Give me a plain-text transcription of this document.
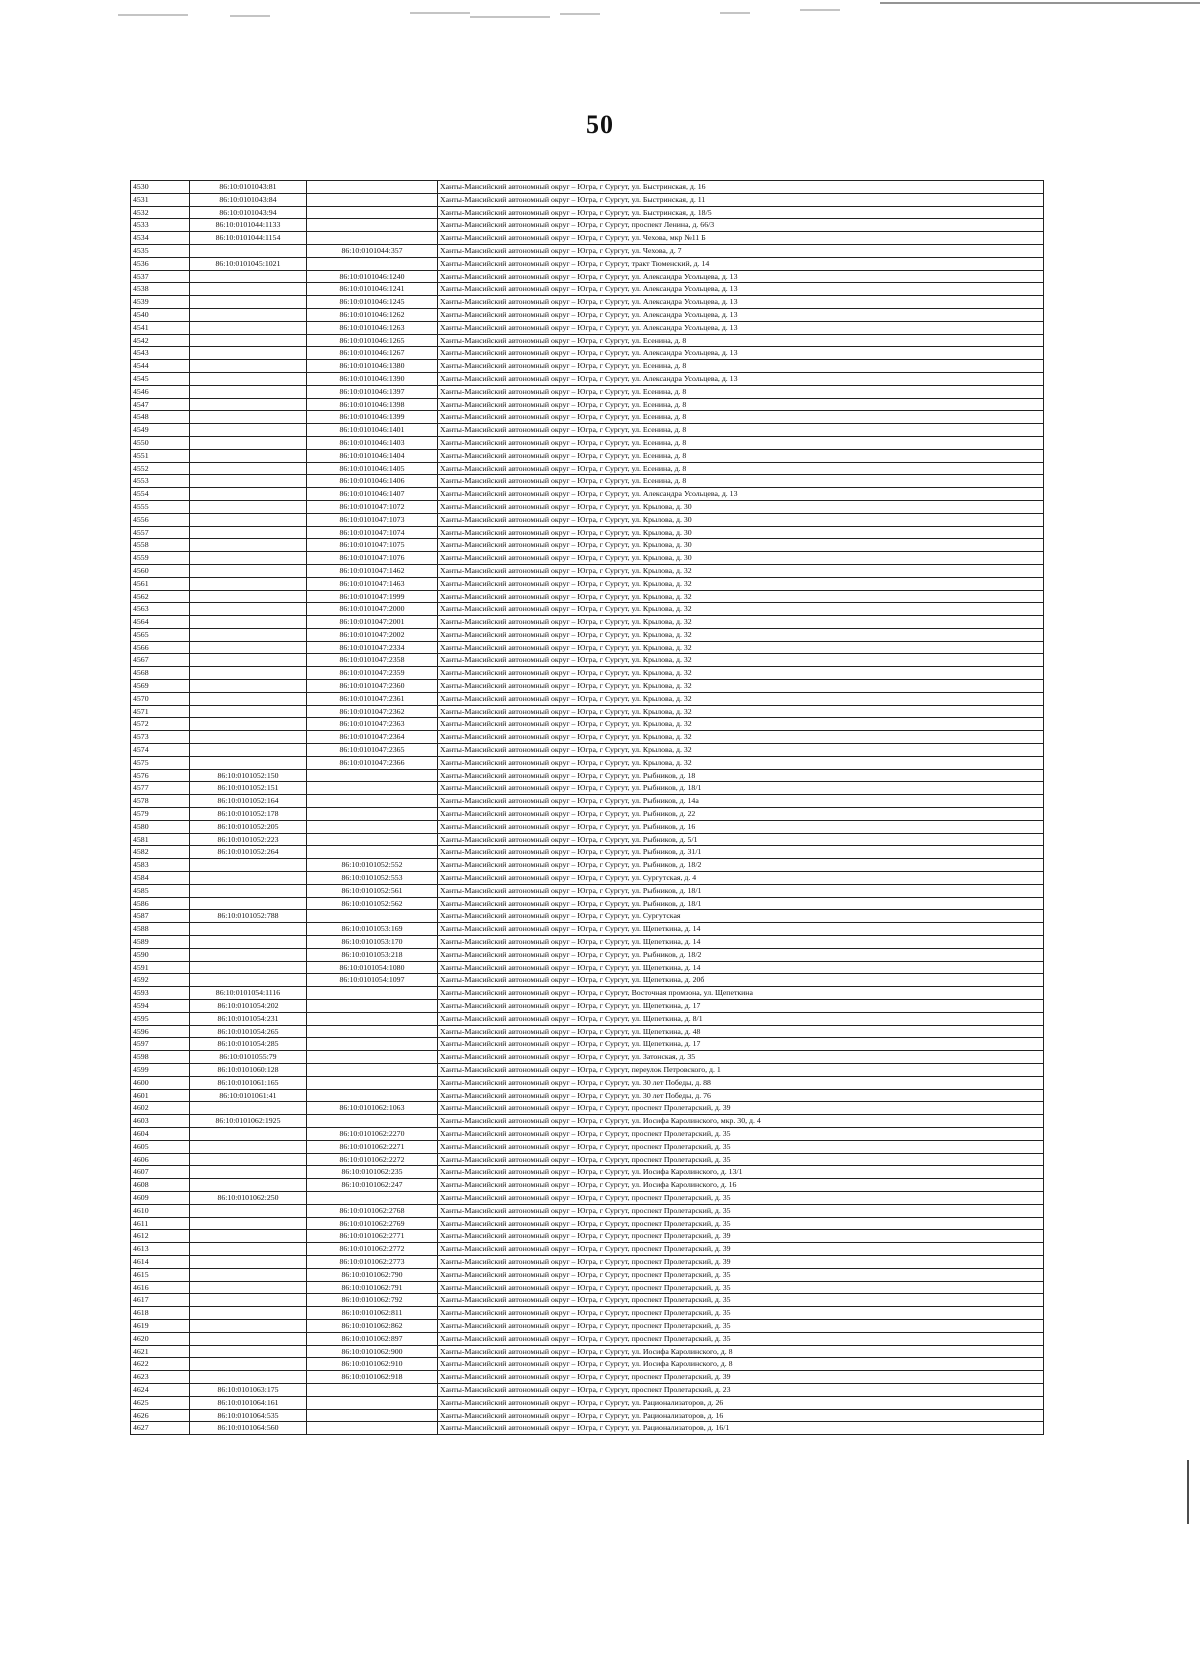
50
4530	86:10:0101043:81		Ханты-Мансийский автономный округ – Югра, г Сургут, ул. Быстринская, д. 16
4531	86:10:0101043:84		Ханты-Мансийский автономный округ – Югра, г Сургут, ул. Быстринская, д. 11
4532	86:10:0101043:94		Ханты-Мансийский автономный округ – Югра, г Сургут, ул. Быстринская, д. 18/5
4533	86:10:0101044:1133		Ханты-Мансийский автономный округ – Югра, г Сургут, проспект Ленина, д. 66/3
4534	86:10:0101044:1154		Ханты-Мансийский автономный округ – Югра, г Сургут, ул. Чехова, мкр №11 Б
4535		86:10:0101044:357	Ханты-Мансийский автономный округ – Югра, г Сургут, ул. Чехова, д. 7
4536	86:10:0101045:1021		Ханты-Мансийский автономный округ – Югра, г Сургут, тракт Тюменский, д. 14
4537		86:10:0101046:1240	Ханты-Мансийский автономный округ – Югра, г Сургут, ул. Александра Усольцева, д. 13
4538		86:10:0101046:1241	Ханты-Мансийский автономный округ – Югра, г Сургут, ул. Александра Усольцева, д. 13
4539		86:10:0101046:1245	Ханты-Мансийский автономный округ – Югра, г Сургут, ул. Александра Усольцева, д. 13
4540		86:10:0101046:1262	Ханты-Мансийский автономный округ – Югра, г Сургут, ул. Александра Усольцева, д. 13
4541		86:10:0101046:1263	Ханты-Мансийский автономный округ – Югра, г Сургут, ул. Александра Усольцева, д. 13
4542		86:10:0101046:1265	Ханты-Мансийский автономный округ – Югра, г Сургут, ул. Есенина, д. 8
4543		86:10:0101046:1267	Ханты-Мансийский автономный округ – Югра, г Сургут, ул. Александра Усольцева, д. 13
4544		86:10:0101046:1380	Ханты-Мансийский автономный округ – Югра, г Сургут, ул. Есенина, д. 8
4545		86:10:0101046:1390	Ханты-Мансийский автономный округ – Югра, г Сургут, ул. Александра Усольцева, д. 13
4546		86:10:0101046:1397	Ханты-Мансийский автономный округ – Югра, г Сургут, ул. Есенина, д. 8
4547		86:10:0101046:1398	Ханты-Мансийский автономный округ – Югра, г Сургут, ул. Есенина, д. 8
4548		86:10:0101046:1399	Ханты-Мансийский автономный округ – Югра, г Сургут, ул. Есенина, д. 8
4549		86:10:0101046:1401	Ханты-Мансийский автономный округ – Югра, г Сургут, ул. Есенина, д. 8
4550		86:10:0101046:1403	Ханты-Мансийский автономный округ – Югра, г Сургут, ул. Есенина, д. 8
4551		86:10:0101046:1404	Ханты-Мансийский автономный округ – Югра, г Сургут, ул. Есенина, д. 8
4552		86:10:0101046:1405	Ханты-Мансийский автономный округ – Югра, г Сургут, ул. Есенина, д. 8
4553		86:10:0101046:1406	Ханты-Мансийский автономный округ – Югра, г Сургут, ул. Есенина, д. 8
4554		86:10:0101046:1407	Ханты-Мансийский автономный округ – Югра, г Сургут, ул. Александра Усольцева, д. 13
4555		86:10:0101047:1072	Ханты-Мансийский автономный округ – Югра, г Сургут, ул. Крылова, д. 30
4556		86:10:0101047:1073	Ханты-Мансийский автономный округ – Югра, г Сургут, ул. Крылова, д. 30
4557		86:10:0101047:1074	Ханты-Мансийский автономный округ – Югра, г Сургут, ул. Крылова, д. 30
4558		86:10:0101047:1075	Ханты-Мансийский автономный округ – Югра, г Сургут, ул. Крылова, д. 30
4559		86:10:0101047:1076	Ханты-Мансийский автономный округ – Югра, г Сургут, ул. Крылова, д. 30
4560		86:10:0101047:1462	Ханты-Мансийский автономный округ – Югра, г Сургут, ул. Крылова, д. 32
4561		86:10:0101047:1463	Ханты-Мансийский автономный округ – Югра, г Сургут, ул. Крылова, д. 32
4562		86:10:0101047:1999	Ханты-Мансийский автономный округ – Югра, г Сургут, ул. Крылова, д. 32
4563		86:10:0101047:2000	Ханты-Мансийский автономный округ – Югра, г Сургут, ул. Крылова, д. 32
4564		86:10:0101047:2001	Ханты-Мансийский автономный округ – Югра, г Сургут, ул. Крылова, д. 32
4565		86:10:0101047:2002	Ханты-Мансийский автономный округ – Югра, г Сургут, ул. Крылова, д. 32
4566		86:10:0101047:2334	Ханты-Мансийский автономный округ – Югра, г Сургут, ул. Крылова, д. 32
4567		86:10:0101047:2358	Ханты-Мансийский автономный округ – Югра, г Сургут, ул. Крылова, д. 32
4568		86:10:0101047:2359	Ханты-Мансийский автономный округ – Югра, г Сургут, ул. Крылова, д. 32
4569		86:10:0101047:2360	Ханты-Мансийский автономный округ – Югра, г Сургут, ул. Крылова, д. 32
4570		86:10:0101047:2361	Ханты-Мансийский автономный округ – Югра, г Сургут, ул. Крылова, д. 32
4571		86:10:0101047:2362	Ханты-Мансийский автономный округ – Югра, г Сургут, ул. Крылова, д. 32
4572		86:10:0101047:2363	Ханты-Мансийский автономный округ – Югра, г Сургут, ул. Крылова, д. 32
4573		86:10:0101047:2364	Ханты-Мансийский автономный округ – Югра, г Сургут, ул. Крылова, д. 32
4574		86:10:0101047:2365	Ханты-Мансийский автономный округ – Югра, г Сургут, ул. Крылова, д. 32
4575		86:10:0101047:2366	Ханты-Мансийский автономный округ – Югра, г Сургут, ул. Крылова, д. 32
4576	86:10:0101052:150		Ханты-Мансийский автономный округ – Югра, г Сургут, ул. Рыбников, д. 18
4577	86:10:0101052:151		Ханты-Мансийский автономный округ – Югра, г Сургут, ул. Рыбников, д. 18/1
4578	86:10:0101052:164		Ханты-Мансийский автономный округ – Югра, г Сургут, ул. Рыбников, д. 14а
4579	86:10:0101052:178		Ханты-Мансийский автономный округ – Югра, г Сургут, ул. Рыбников, д. 22
4580	86:10:0101052:205		Ханты-Мансийский автономный округ – Югра, г Сургут, ул. Рыбников, д. 16
4581	86:10:0101052:223		Ханты-Мансийский автономный округ – Югра, г Сургут, ул. Рыбников, д. 5/1
4582	86:10:0101052:264		Ханты-Мансийский автономный округ – Югра, г Сургут, ул. Рыбников, д. 31/1
4583		86:10:0101052:552	Ханты-Мансийский автономный округ – Югра, г Сургут, ул. Рыбников, д. 18/2
4584		86:10:0101052:553	Ханты-Мансийский автономный округ – Югра, г Сургут, ул. Сургутская, д. 4
4585		86:10:0101052:561	Ханты-Мансийский автономный округ – Югра, г Сургут, ул. Рыбников, д. 18/1
4586		86:10:0101052:562	Ханты-Мансийский автономный округ – Югра, г Сургут, ул. Рыбников, д. 18/1
4587	86:10:0101052:788		Ханты-Мансийский автономный округ – Югра, г Сургут, ул. Сургутская
4588		86:10:0101053:169	Ханты-Мансийский автономный округ – Югра, г Сургут, ул. Щепеткина, д. 14
4589		86:10:0101053:170	Ханты-Мансийский автономный округ – Югра, г Сургут, ул. Щепеткина, д. 14
4590		86:10:0101053:218	Ханты-Мансийский автономный округ – Югра, г Сургут, ул. Рыбников, д. 18/2
4591		86:10:0101054:1080	Ханты-Мансийский автономный округ – Югра, г Сургут, ул. Щепеткина, д. 14
4592		86:10:0101054:1097	Ханты-Мансийский автономный округ – Югра, г Сургут, ул. Щепеткина, д. 20б
4593	86:10:0101054:1116		Ханты-Мансийский автономный округ – Югра, г Сургут, Восточная промзона, ул. Щепеткина
4594	86:10:0101054:202		Ханты-Мансийский автономный округ – Югра, г Сургут, ул. Щепеткина, д. 17
4595	86:10:0101054:231		Ханты-Мансийский автономный округ – Югра, г Сургут, ул. Щепеткина, д. 8/1
4596	86:10:0101054:265		Ханты-Мансийский автономный округ – Югра, г Сургут, ул. Щепеткина, д. 48
4597	86:10:0101054:285		Ханты-Мансийский автономный округ – Югра, г Сургут, ул. Щепеткина, д. 17
4598	86:10:0101055:79		Ханты-Мансийский автономный округ – Югра, г Сургут, ул. Затонская, д. 35
4599	86:10:0101060:128		Ханты-Мансийский автономный округ – Югра, г Сургут, переулок Петровского, д. 1
4600	86:10:0101061:165		Ханты-Мансийский автономный округ – Югра, г Сургут, ул. 30 лет Победы, д. 88
4601	86:10:0101061:41		Ханты-Мансийский автономный округ – Югра, г Сургут, ул. 30 лет Победы, д. 76
4602		86:10:0101062:1063	Ханты-Мансийский автономный округ – Югра, г Сургут, проспект Пролетарский, д. 39
4603	86:10:0101062:1925		Ханты-Мансийский автономный округ – Югра, г Сургут, ул. Иосифа Каролинского, мкр. 30, д. 4
4604		86:10:0101062:2270	Ханты-Мансийский автономный округ – Югра, г Сургут, проспект Пролетарский, д. 35
4605		86:10:0101062:2271	Ханты-Мансийский автономный округ – Югра, г Сургут, проспект Пролетарский, д. 35
4606		86:10:0101062:2272	Ханты-Мансийский автономный округ – Югра, г Сургут, проспект Пролетарский, д. 35
4607		86:10:0101062:235	Ханты-Мансийский автономный округ – Югра, г Сургут, ул. Иосифа Каролинского, д. 13/1
4608		86:10:0101062:247	Ханты-Мансийский автономный округ – Югра, г Сургут, ул. Иосифа Каролинского, д. 16
4609	86:10:0101062:250		Ханты-Мансийский автономный округ – Югра, г Сургут, проспект Пролетарский, д. 35
4610		86:10:0101062:2768	Ханты-Мансийский автономный округ – Югра, г Сургут, проспект Пролетарский, д. 35
4611		86:10:0101062:2769	Ханты-Мансийский автономный округ – Югра, г Сургут, проспект Пролетарский, д. 35
4612		86:10:0101062:2771	Ханты-Мансийский автономный округ – Югра, г Сургут, проспект Пролетарский, д. 39
4613		86:10:0101062:2772	Ханты-Мансийский автономный округ – Югра, г Сургут, проспект Пролетарский, д. 39
4614		86:10:0101062:2773	Ханты-Мансийский автономный округ – Югра, г Сургут, проспект Пролетарский, д. 39
4615		86:10:0101062:790	Ханты-Мансийский автономный округ – Югра, г Сургут, проспект Пролетарский, д. 35
4616		86:10:0101062:791	Ханты-Мансийский автономный округ – Югра, г Сургут, проспект Пролетарский, д. 35
4617		86:10:0101062:792	Ханты-Мансийский автономный округ – Югра, г Сургут, проспект Пролетарский, д. 35
4618		86:10:0101062:811	Ханты-Мансийский автономный округ – Югра, г Сургут, проспект Пролетарский, д. 35
4619		86:10:0101062:862	Ханты-Мансийский автономный округ – Югра, г Сургут, проспект Пролетарский, д. 35
4620		86:10:0101062:897	Ханты-Мансийский автономный округ – Югра, г Сургут, проспект Пролетарский, д. 35
4621		86:10:0101062:900	Ханты-Мансийский автономный округ – Югра, г Сургут, ул. Иосифа Каролинского, д. 8
4622		86:10:0101062:910	Ханты-Мансийский автономный округ – Югра, г Сургут, ул. Иосифа Каролинского, д. 8
4623		86:10:0101062:918	Ханты-Мансийский автономный округ – Югра, г Сургут, проспект Пролетарский, д. 39
4624	86:10:0101063:175		Ханты-Мансийский автономный округ – Югра, г Сургут, проспект Пролетарский, д. 23
4625	86:10:0101064:161		Ханты-Мансийский автономный округ – Югра, г Сургут, ул. Рационализаторов, д. 26
4626	86:10:0101064:535		Ханты-Мансийский автономный округ – Югра, г Сургут, ул. Рационализаторов, д. 16
4627	86:10:0101064:560		Ханты-Мансийский автономный округ – Югра, г Сургут, ул. Рационализаторов, д. 16/1
